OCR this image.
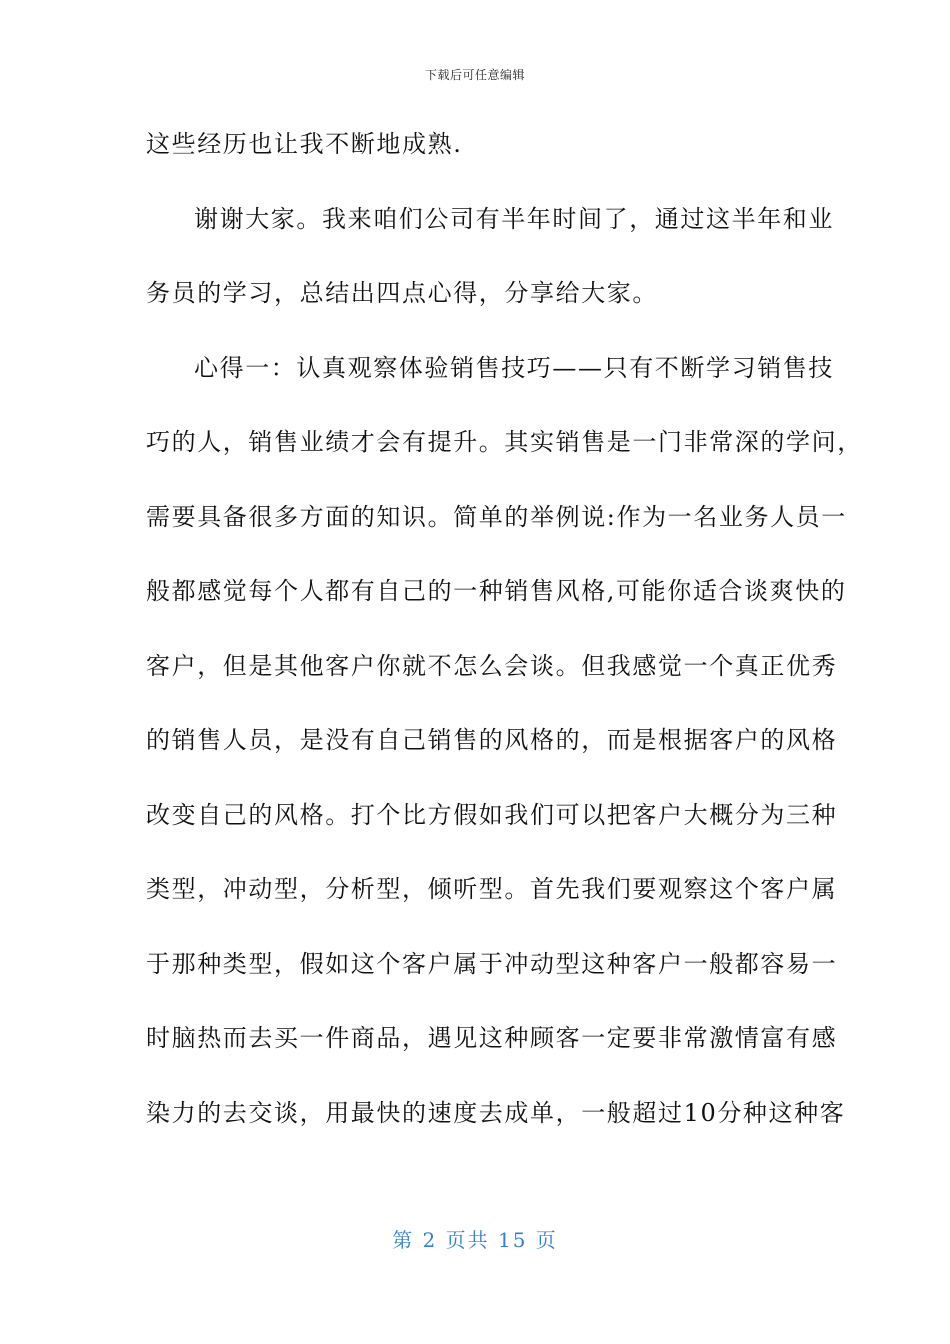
下载后可任意编辑
这些经历也让我不断地成熟.
谢谢大家。我来咱们公司有半年时间了，通过这半年和业
务员的学习，总结出四点心得，分享给大家。
心得一：认真观察体验销售技巧——只有不断学习销售技
巧的人，销售业绩才会有提升。其实销售是一门非常深的学问，
需要具备很多方面的知识。简单的举例说:作为一名业务人员一
般都感觉每个人都有自己的一种销售风格,可能你适合谈爽快的
客户，但是其他客户你就不怎么会谈。但我感觉一个真正优秀
的销售人员，是没有自己销售的风格的，而是根据客户的风格
改变自己的风格。打个比方假如我们可以把客户大概分为三种
类型，冲动型，分析型，倾听型。首先我们要观察这个客户属
于那种类型，假如这个客户属于冲动型这种客户一般都容易一
时脑热而去买一件商品，遇见这种顾客一定要非常激情富有感
染力的去交谈，用最快的速度去成单，一般超过10分种这种客
第 2 页共 15 页
